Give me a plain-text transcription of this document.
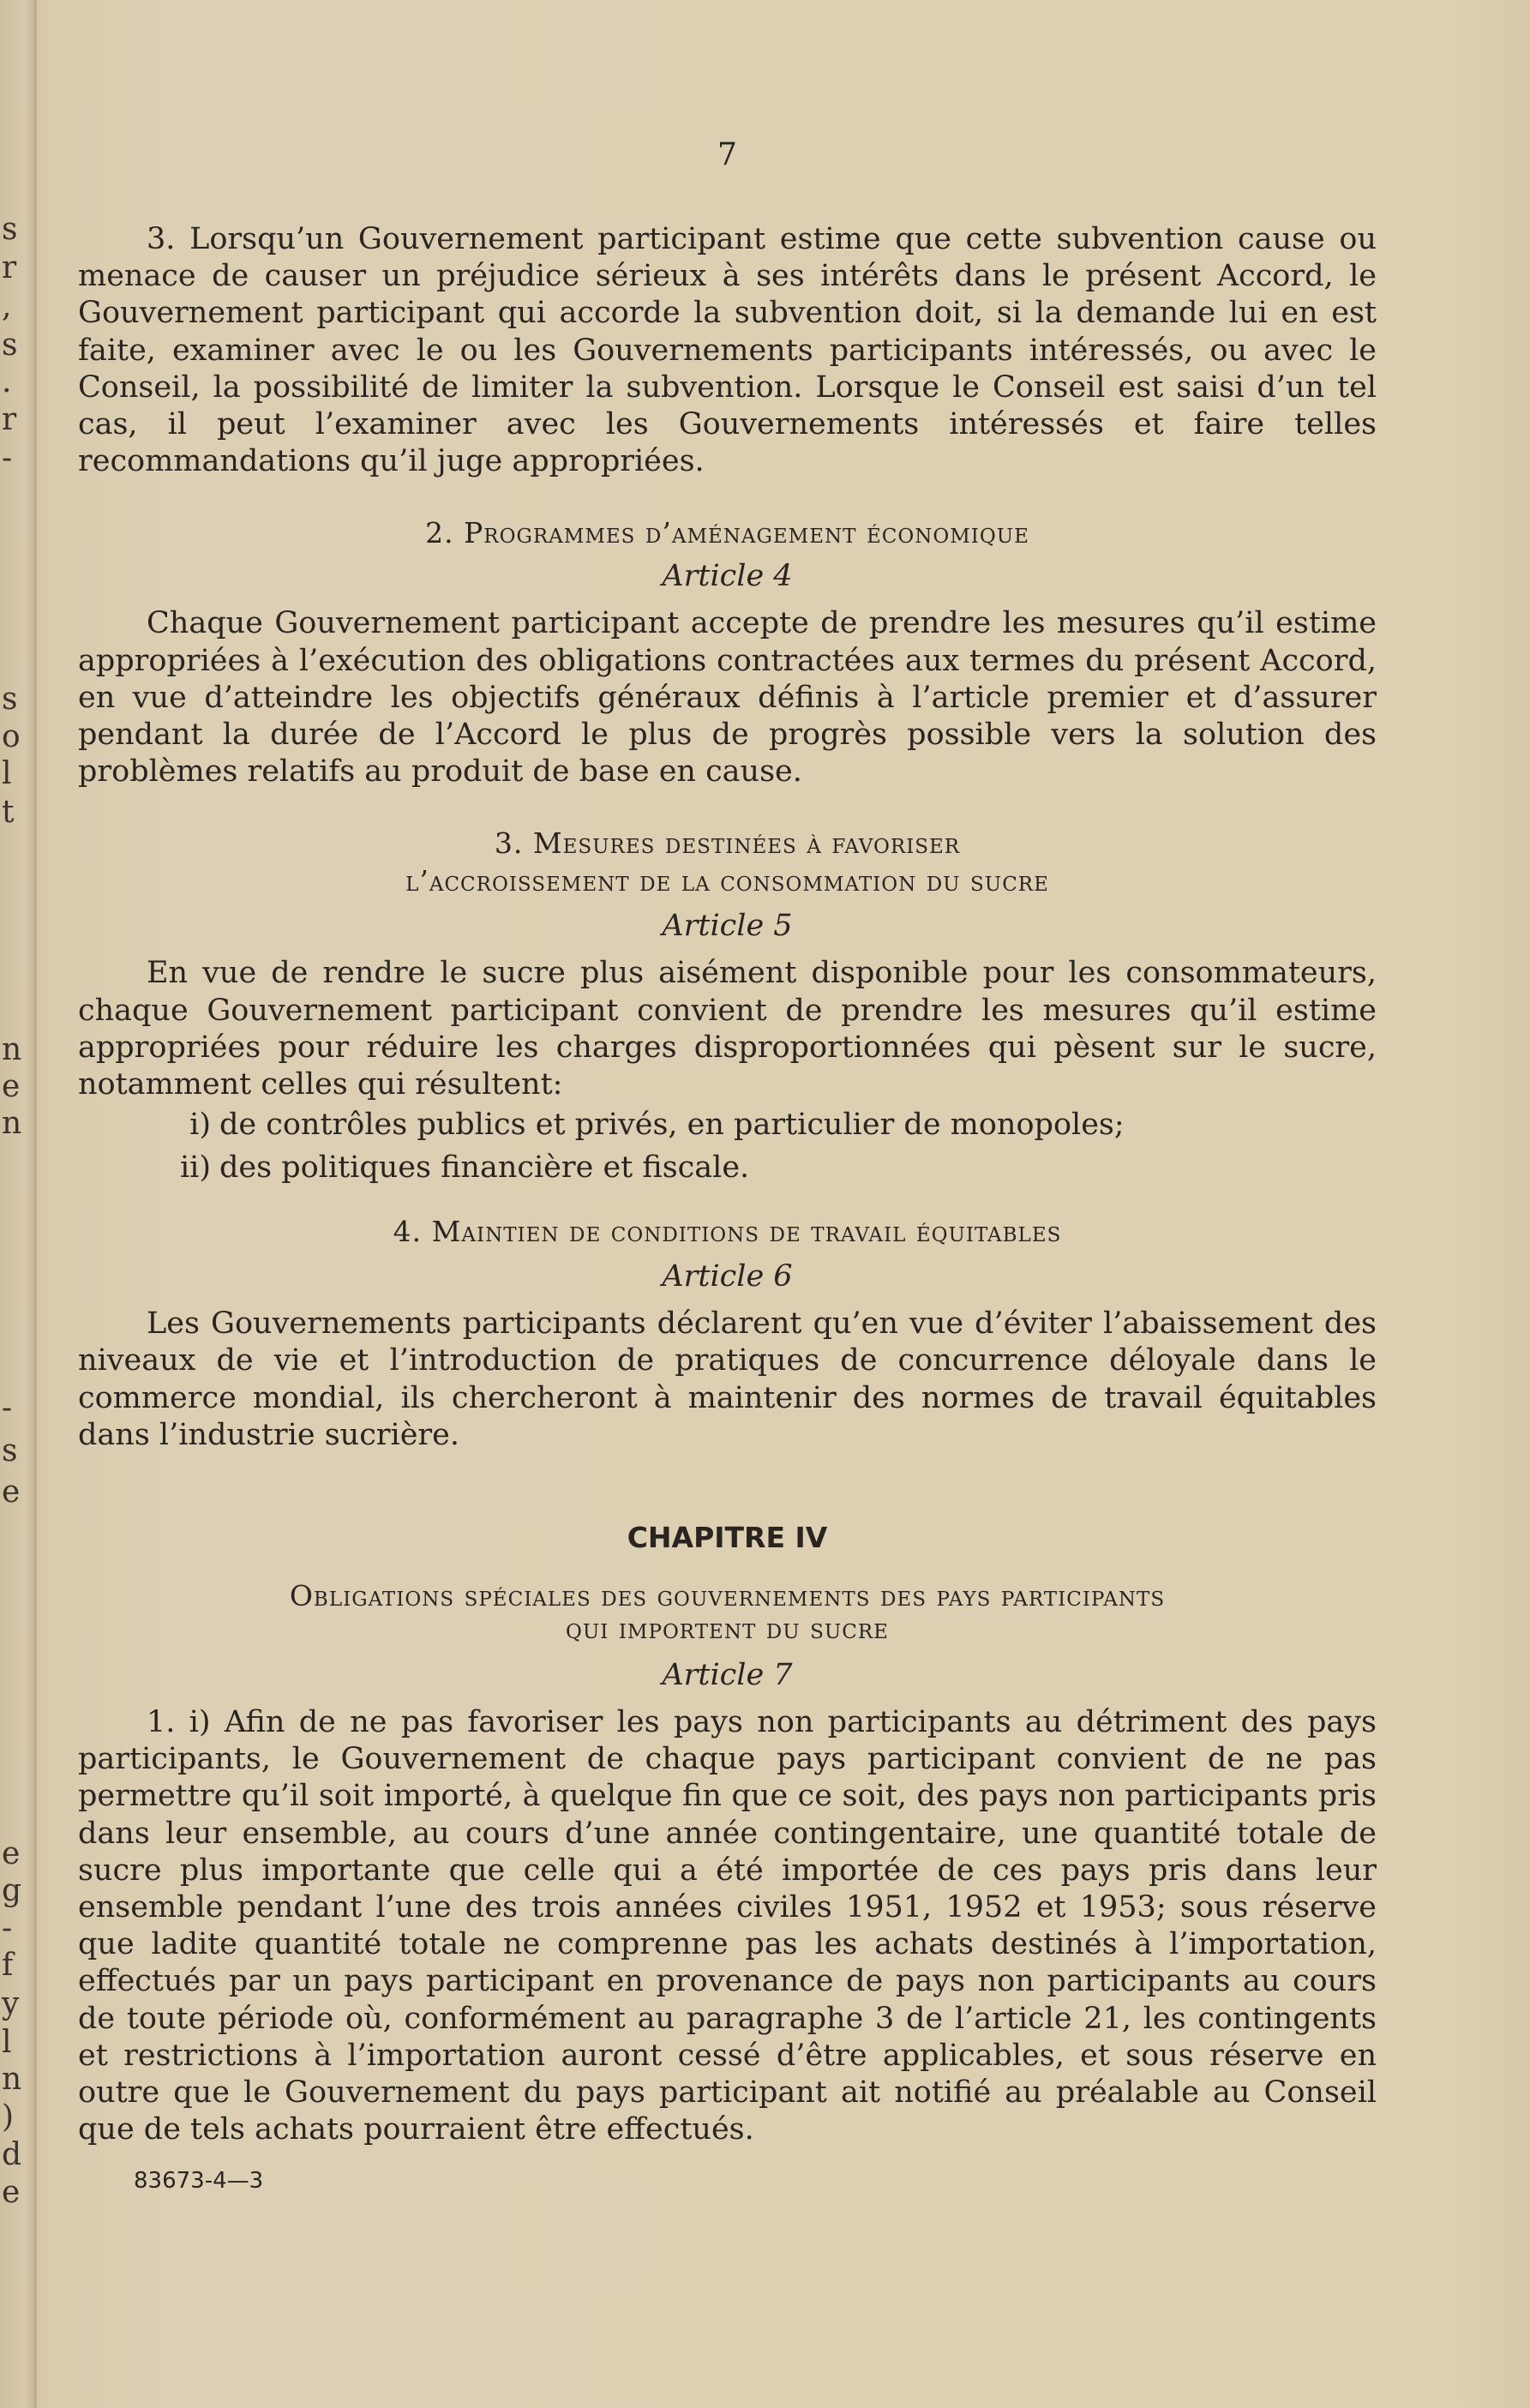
s
r
,
s
.
r
-
s
o
l
t
n
e
n
-
s
e
e
g
-
f
y
l
n
)
d
e
7

3. Lorsqu’un Gouvernement participant estime que cette subvention cause ou menace de causer un préjudice sérieux à ses intérêts dans le présent Accord, le Gouvernement participant qui accorde la subvention doit, si la demande lui en est faite, examiner avec le ou les Gouvernements participants intéressés, ou avec le Conseil, la possibilité de limiter la subvention. Lorsque le Conseil est saisi d’un tel cas, il peut l’examiner avec les Gouvernements intéressés et faire telles recommandations qu’il juge appropriées.

2. Programmes d’aménagement économique
Article 4

Chaque Gouvernement participant accepte de prendre les mesures qu’il estime appropriées à l’exécution des obligations contractées aux termes du présent Accord, en vue d’atteindre les objectifs généraux définis à l’article premier et d’assurer pendant la durée de l’Accord le plus de progrès possible vers la solution des problèmes relatifs au produit de base en cause.

3. Mesures destinées à favoriser
l’accroissement de la consommation du sucre
Article 5

En vue de rendre le sucre plus aisément disponible pour les consommateurs, chaque Gouvernement participant convient de prendre les mesures qu’il estime appropriées pour réduire les charges disproportionnées qui pèsent sur le sucre, notamment celles qui résultent:

i) de contrôles publics et privés, en particulier de monopoles;
ii) des politiques financière et fiscale.
4. Maintien de conditions de travail équitables
Article 6

Les Gouvernements participants déclarent qu’en vue d’éviter l’abaissement des niveaux de vie et l’introduction de pratiques de concurrence déloyale dans le commerce mondial, ils chercheront à maintenir des normes de travail équitables dans l’industrie sucrière.

CHAPITRE IV
Obligations spéciales des gouvernements des pays participants
qui importent du sucre
Article 7

1. i) Afin de ne pas favoriser les pays non participants au détriment des pays participants, le Gouvernement de chaque pays participant convient de ne pas permettre qu’il soit importé, à quelque fin que ce soit, des pays non participants pris dans leur ensemble, au cours d’une année contingentaire, une quantité totale de sucre plus importante que celle qui a été importée de ces pays pris dans leur ensemble pendant l’une des trois années civiles 1951, 1952 et 1953; sous réserve que ladite quantité totale ne comprenne pas les achats destinés à l’importation, effectués par un pays participant en provenance de pays non participants au cours de toute période où, conformément au paragraphe 3 de l’article 21, les contingents et restrictions à l’importation auront cessé d’être applicables, et sous réserve en outre que le Gouvernement du pays participant ait notifié au préalable au Conseil que de tels achats pourraient être effectués.

83673-4—3
